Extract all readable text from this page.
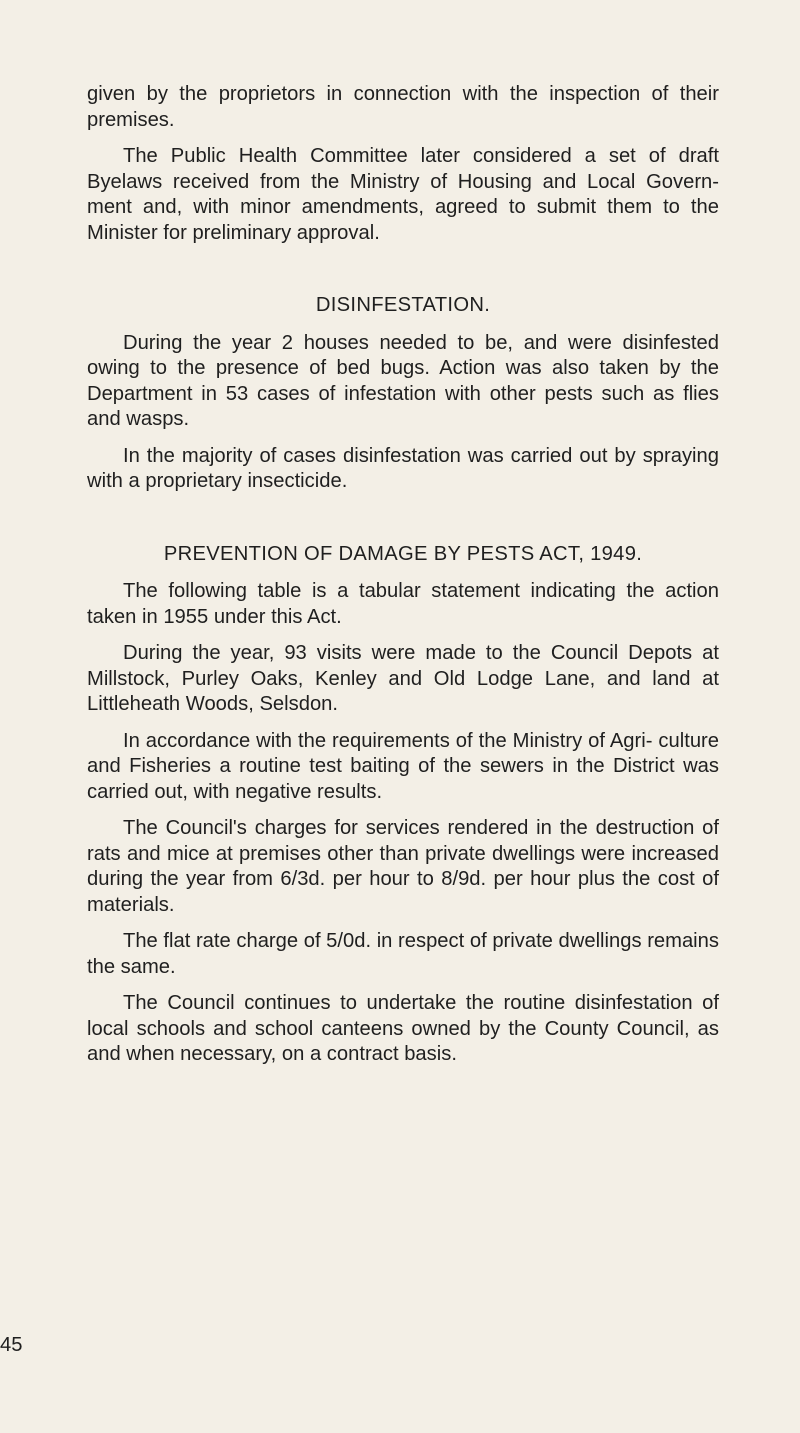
given by the proprietors in connection with the inspection of their premises.

The Public Health Committee later considered a set of draft Byelaws received from the Ministry of Housing and Local Govern- ment and, with minor amendments, agreed to submit them to the Minister for preliminary approval.

DISINFESTATION.

During the year 2 houses needed to be, and were disinfested owing to the presence of bed bugs. Action was also taken by the Department in 53 cases of infestation with other pests such as flies and wasps.

In the majority of cases disinfestation was carried out by spraying with a proprietary insecticide.

PREVENTION OF DAMAGE BY PESTS ACT, 1949.

The following table is a tabular statement indicating the action taken in 1955 under this Act.

During the year, 93 visits were made to the Council Depots at Millstock, Purley Oaks, Kenley and Old Lodge Lane, and land at Littleheath Woods, Selsdon.

In accordance with the requirements of the Ministry of Agri- culture and Fisheries a routine test baiting of the sewers in the District was carried out, with negative results.

The Council's charges for services rendered in the destruction of rats and mice at premises other than private dwellings were increased during the year from 6/3d. per hour to 8/9d. per hour plus the cost of materials.

The flat rate charge of 5/0d. in respect of private dwellings remains the same.

The Council continues to undertake the routine disinfestation of local schools and school canteens owned by the County Council, as and when necessary, on a contract basis.

45
